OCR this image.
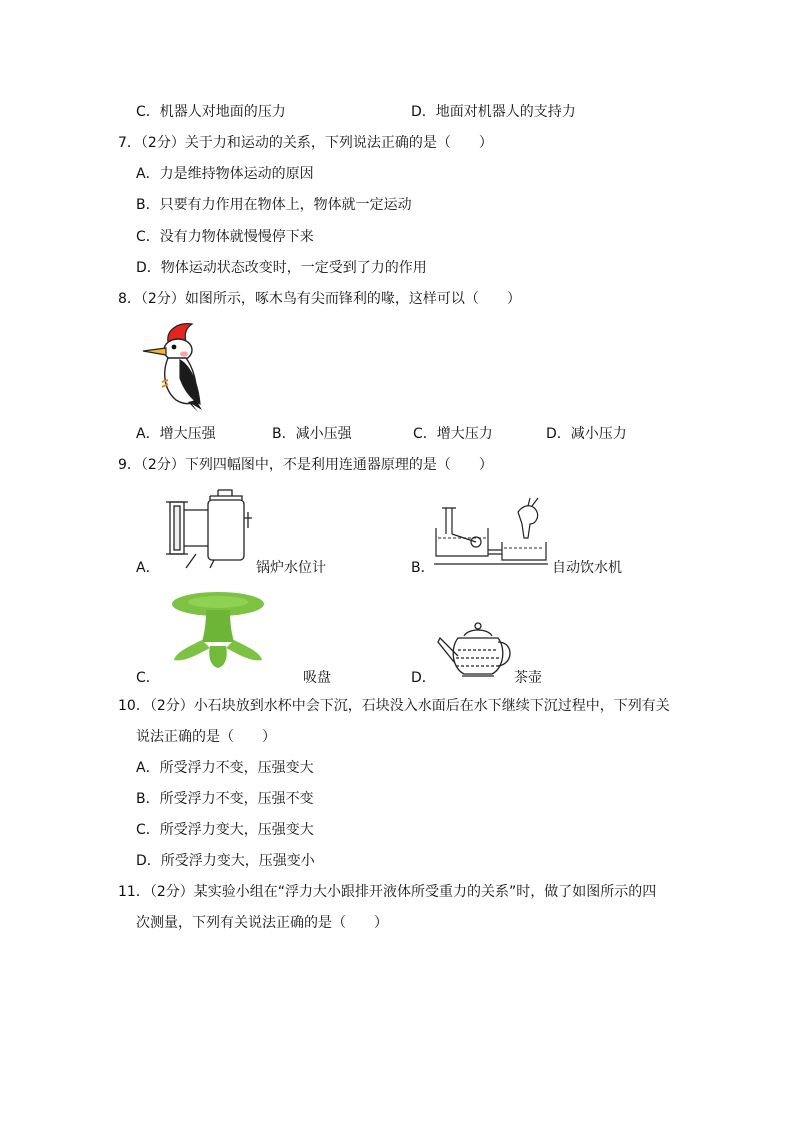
C．机器人对地面的压力	D．地面对机器人的支持力
7．（2分）关于力和运动的关系，下列说法正确的是（　　）
A．力是维持物体运动的原因
B．只要有力作用在物体上，物体就一定运动
C．没有力物体就慢慢停下来
D．物体运动状态改变时，一定受到了力的作用
8．（2分）如图所示，啄木鸟有尖而锋利的喙，这样可以（　　）
A．增大压强	B．减小压强	C．增大压力	D．减小压力
9．（2分）下列四幅图中，不是利用连通器原理的是（　　）
A．	锅炉水位计	B．	自动饮水机
C．	吸盘	D．	茶壶
10．（2分）小石块放到水杯中会下沉，石块没入水面后在水下继续下沉过程中，下列有关
说法正确的是（　　）
A．所受浮力不变，压强变大
B．所受浮力不变，压强不变
C．所受浮力变大，压强变大
D．所受浮力变大，压强变小
11．（2分）某实验小组在“浮力大小跟排开液体所受重力的关系”时，做了如图所示的四
次测量，下列有关说法正确的是（　　）
